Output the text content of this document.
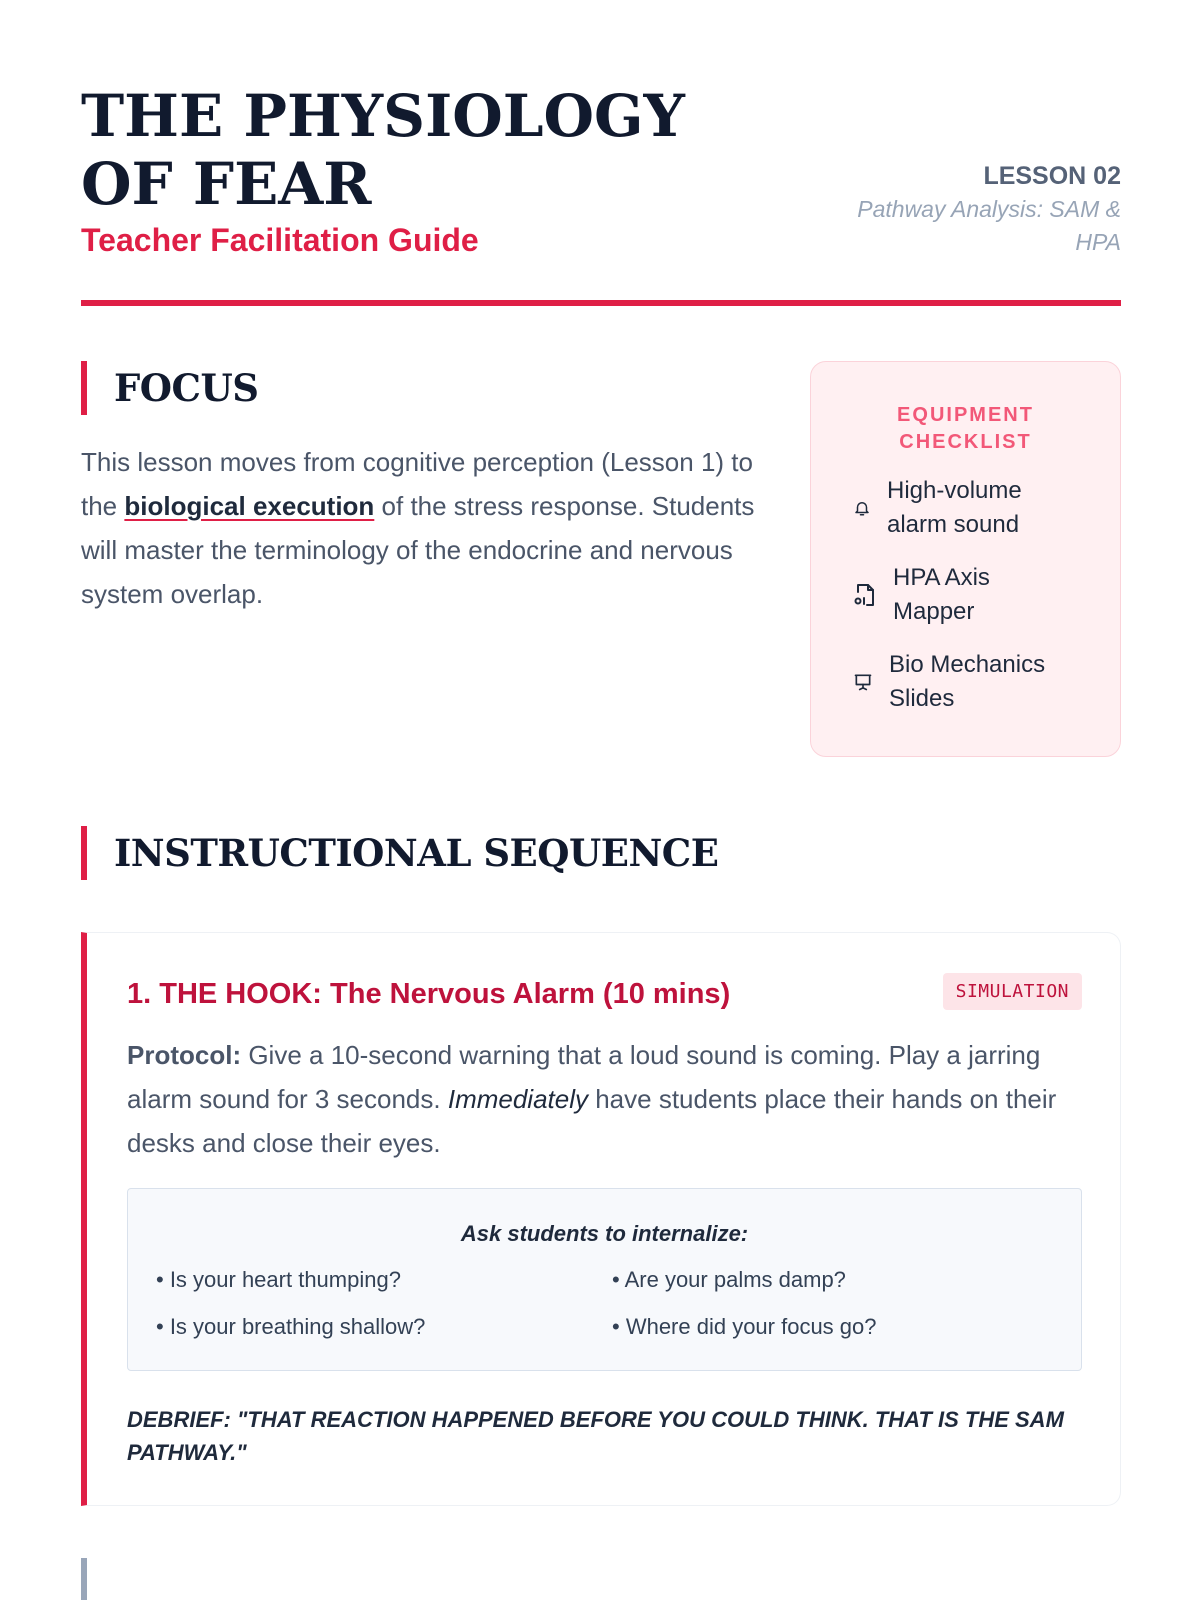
THE PHYSIOLOGY OF FEAR
Teacher Facilitation Guide
LESSON 02
Pathway Analysis: SAM & HPA
FOCUS
This lesson moves from cognitive perception (Lesson 1) to the biological execution of the stress response. Students will master the terminology of the endocrine and nervous system overlap.
EQUIPMENT CHECKLIST
High-volume alarm sound
HPA Axis Mapper
Bio Mechanics Slides
INSTRUCTIONAL SEQUENCE
1. THE HOOK: The Nervous Alarm (10 mins)	SIMULATION
Protocol: Give a 10-second warning that a loud sound is coming. Play a jarring alarm sound for 3 seconds. Immediately have students place their hands on their desks and close their eyes.
Ask students to internalize:
• Is your heart thumping?	• Are your palms damp?
• Is your breathing shallow?	• Where did your focus go?
DEBRIEF: "THAT REACTION HAPPENED BEFORE YOU COULD THINK. THAT IS THE SAM PATHWAY."
